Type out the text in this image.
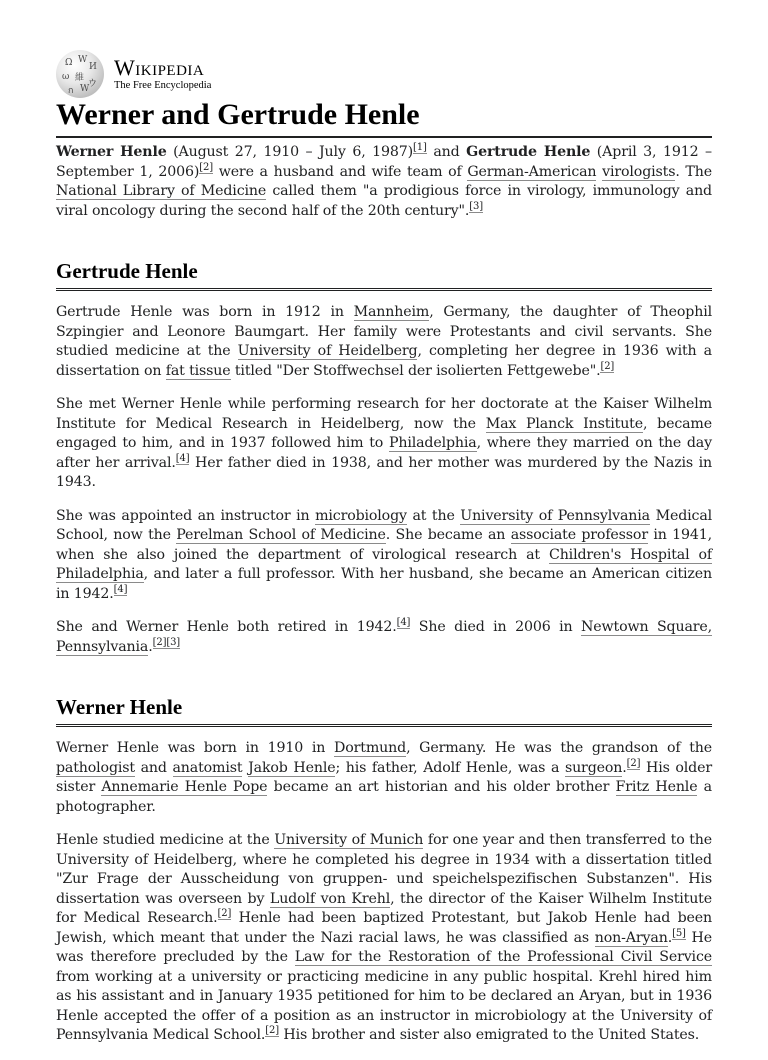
Ω W
И
ω 維
ウ
ก W
Wikipedia
The Free Encyclopedia
Werner and Gertrude Henle

Werner Henle (August 27, 1910 – July 6, 1987)[1] and Gertrude Henle (April 3, 1912 – September 1, 2006)[2] were a husband and wife team of German-American virologists. The National Library of Medicine called them "a prodigious force in virology, immunology and viral oncology during the second half of the 20th century".[3]

Gertrude Henle

Gertrude Henle was born in 1912 in Mannheim, Germany, the daughter of Theophil Szpingier and Leonore Baumgart. Her family were Protestants and civil servants. She studied medicine at the University of Heidelberg, completing her degree in 1936 with a dissertation on fat tissue titled "Der Stoffwechsel der isolierten Fettgewebe".[2]

She met Werner Henle while performing research for her doctorate at the Kaiser Wilhelm Institute for Medical Research in Heidelberg, now the Max Planck Institute, became engaged to him, and in 1937 followed him to Philadelphia, where they married on the day after her arrival.[4] Her father died in 1938, and her mother was murdered by the Nazis in 1943.

She was appointed an instructor in microbiology at the University of Pennsylvania Medical School, now the Perelman School of Medicine. She became an associate professor in 1941, when she also joined the department of virological research at Children's Hospital of Philadelphia, and later a full professor. With her husband, she became an American citizen in 1942.[4]

She and Werner Henle both retired in 1942.[4] She died in 2006 in Newtown Square, Pennsylvania.[2][3]

Werner Henle

Werner Henle was born in 1910 in Dortmund, Germany. He was the grandson of the pathologist and anatomist Jakob Henle; his father, Adolf Henle, was a surgeon.[2] His older sister Annemarie Henle Pope became an art historian and his older brother Fritz Henle a photographer.

Henle studied medicine at the University of Munich for one year and then transferred to the University of Heidelberg, where he completed his degree in 1934 with a dissertation titled "Zur Frage der Ausscheidung von gruppen- und speichelspezifischen Substanzen". His dissertation was overseen by Ludolf von Krehl, the director of the Kaiser Wilhelm Institute for Medical Research.[2] Henle had been baptized Protestant, but Jakob Henle had been Jewish, which meant that under the Nazi racial laws, he was classified as non-Aryan.[5] He was therefore precluded by the Law for the Restoration of the Professional Civil Service from working at a university or practicing medicine in any public hospital. Krehl hired him as his assistant and in January 1935 petitioned for him to be declared an Aryan, but in 1936 Henle accepted the offer of a position as an instructor in microbiology at the University of Pennsylvania Medical School.[2] His brother and sister also emigrated to the United States.
